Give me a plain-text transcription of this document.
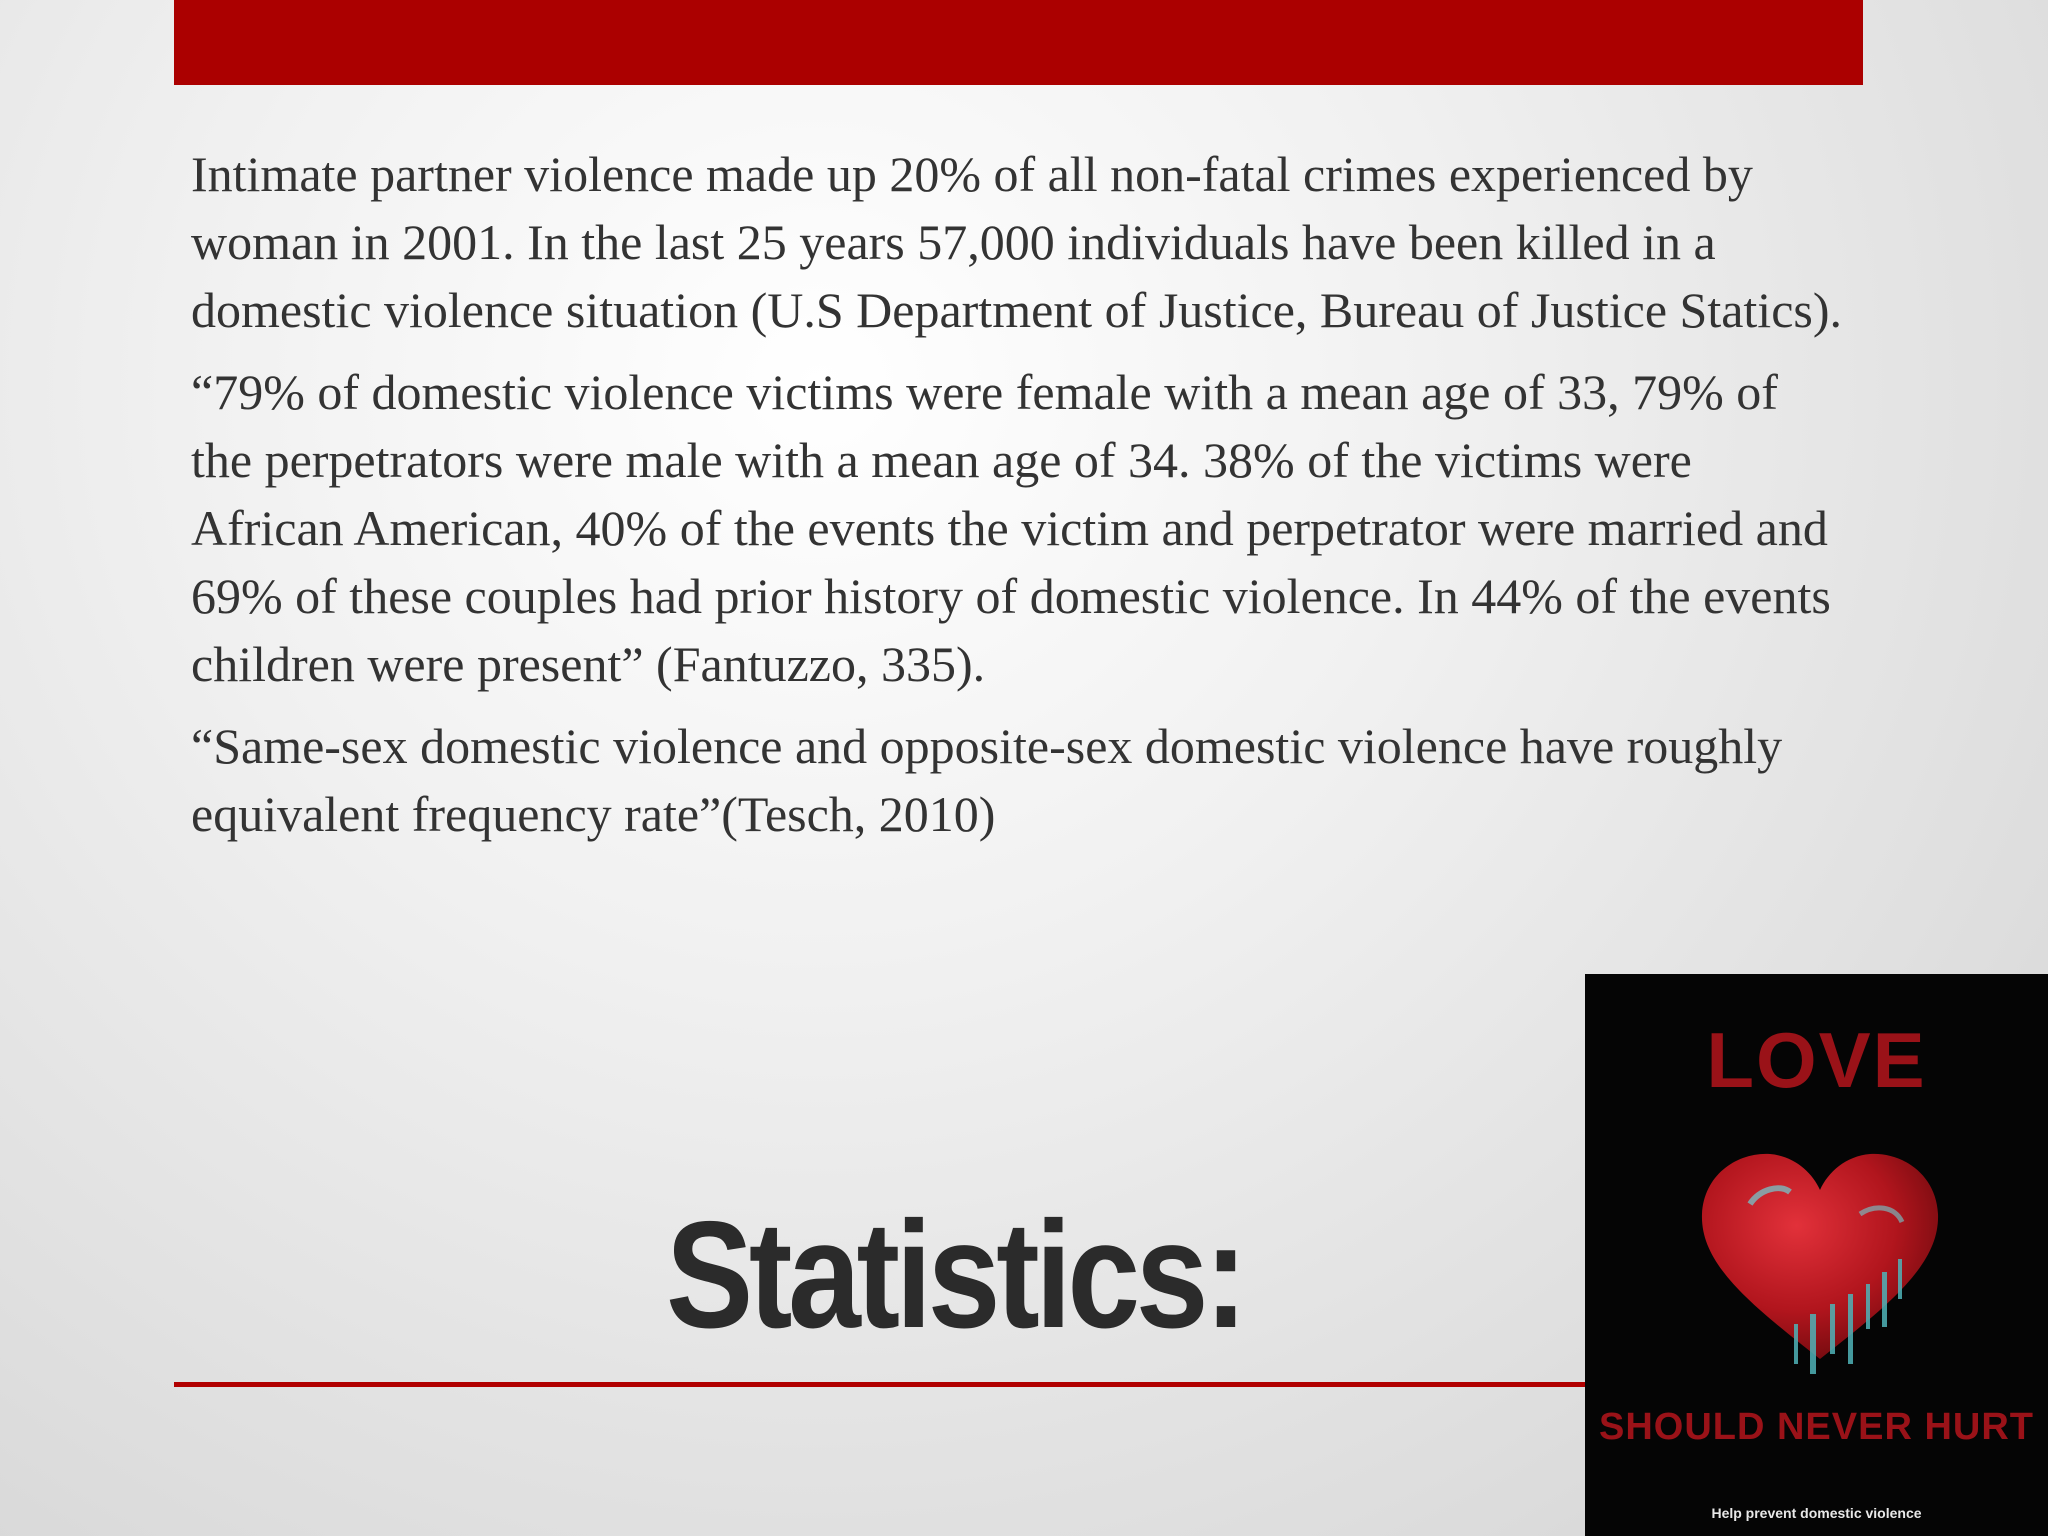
Intimate partner violence made up 20% of all non-fatal crimes experienced by woman in 2001. In the last 25 years 57,000 individuals have been killed in a domestic violence situation (U.S Department of Justice, Bureau of Justice Statics).

“79% of domestic violence victims were female with a mean age of 33, 79% of the perpetrators were male with a mean age of 34. 38% of the victims were African American, 40% of the events the victim and perpetrator were married and 69% of these couples had prior history of domestic violence. In 44% of the events children were present” (Fantuzzo, 335).

“Same-sex domestic violence and opposite-sex domestic violence have roughly equivalent frequency rate”(Tesch, 2010)

Statistics:
LOVE
SHOULD NEVER HURT
Help prevent domestic violence
